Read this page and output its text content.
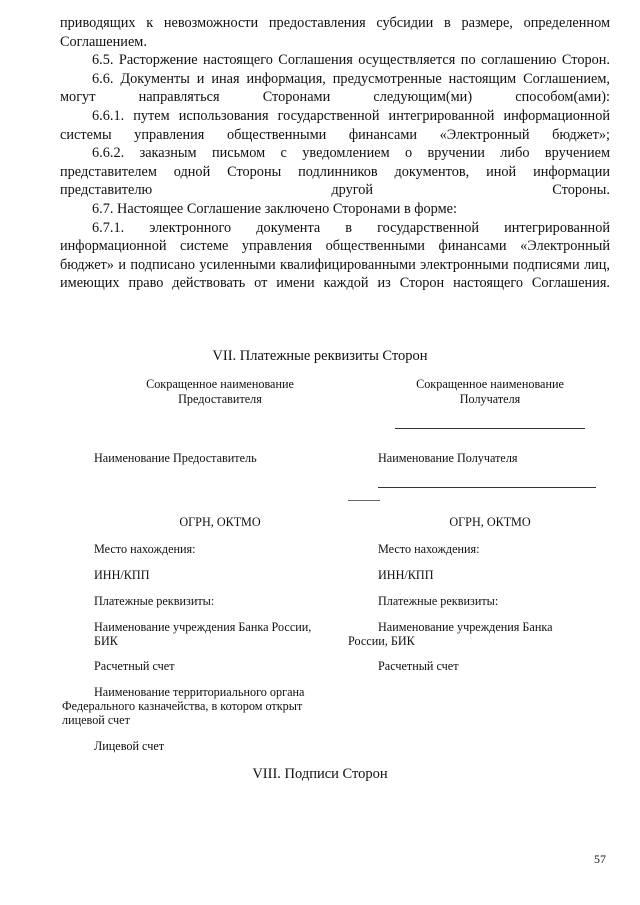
приводящих к невозможности предоставления субсидии в размере, определенном Соглашением.

6.5. Расторжение настоящего Соглашения осуществляется по соглашению Сторон.

6.6. Документы и иная информация, предусмотренные настоящим Соглашением, могут направляться Сторонами следующим(ми) способом(ами):

6.6.1. путем использования государственной интегрированной информационной системы управления общественными финансами «Электронный бюджет»;

6.6.2. заказным письмом с уведомлением о вручении либо вручением представителем одной Стороны подлинников документов, иной информации представителю другой Стороны.

6.7. Настоящее Соглашение заключено Сторонами в форме:

6.7.1. электронного документа в государственной интегрированной информационной системе управления общественными финансами «Электронный бюджет» и подписано усиленными квалифицированными электронными подписями лиц, имеющих право действовать от имени каждой из Сторон настоящего Соглашения.

VII. Платежные реквизиты Сторон
Сокращенное наименование
Предоставителя
Наименование Предоставитель
ОГРН, ОКТМО
Место нахождения:
ИНН/КПП
Платежные реквизиты:
Наименование учреждения Банка России,
БИК
Расчетный счет
Наименование территориального органа
Федерального казначейства, в котором открыт
лицевой счет
Лицевой счет
Сокращенное наименование
Получателя
Наименование Получателя
ОГРН, ОКТМО
Место нахождения:
ИНН/КПП
Платежные реквизиты:
Наименование учреждения Банка
России, БИК
Расчетный счет
VIII. Подписи Сторон
57
